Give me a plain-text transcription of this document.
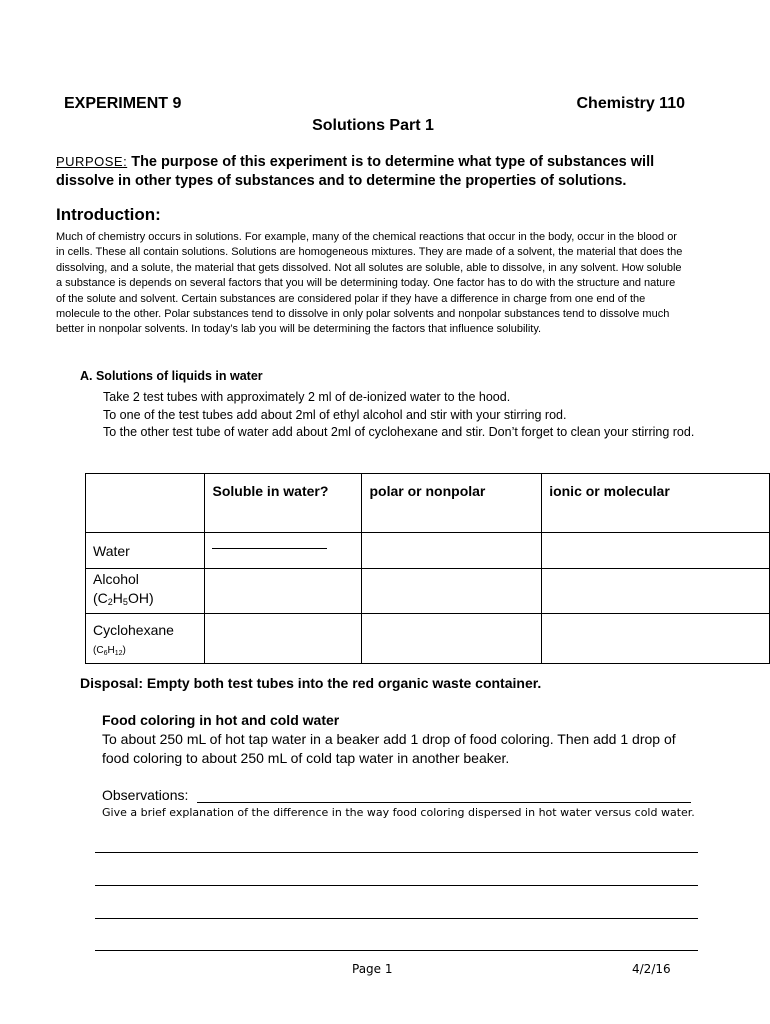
EXPERIMENT 9	Chemistry 110
Solutions Part 1
PURPOSE: The purpose of this experiment is to determine what type of substances will dissolve in other types of substances and to determine the properties of solutions.
Introduction:
Much of chemistry occurs in solutions. For example, many of the chemical reactions that occur in the body, occur in the blood or in cells. These all contain solutions. Solutions are homogeneous mixtures. They are made of a solvent, the material that does the dissolving, and a solute, the material that gets dissolved. Not all solutes are soluble, able to dissolve, in any solvent. How soluble a substance is depends on several factors that you will be determining today. One factor has to do with the structure and nature of the solute and solvent. Certain substances are considered polar if they have a difference in charge from one end of the molecule to the other. Polar substances tend to dissolve in only polar solvents and nonpolar substances tend to dissolve much better in nonpolar solvents. In today’s lab you will be determining the factors that influence solubility.
A. Solutions of liquids in water
Take 2 test tubes with approximately 2 ml of de-ionized water to the hood.
To one of the test tubes add about 2ml of ethyl alcohol and stir with your stirring rod.
To the other test tube of water add about 2ml of cyclohexane and stir. Don’t forget to clean your stirring rod.
	Soluble in water?	polar or nonpolar	ionic or molecular
Water	

Alcohol
$(C_2H_5OH)$			
Cyclohexane
$(C_6H_{12})$			
Disposal: Empty both test tubes into the red organic waste container.
Food coloring in hot and cold water
To about 250 mL of hot tap water in a beaker add 1 drop of food coloring. Then add 1 drop of food coloring to about 250 mL of cold tap water in another beaker.
Observations:
Give a brief explanation of the difference in the way food coloring dispersed in hot water versus cold water.
Page 1	4/2/16
